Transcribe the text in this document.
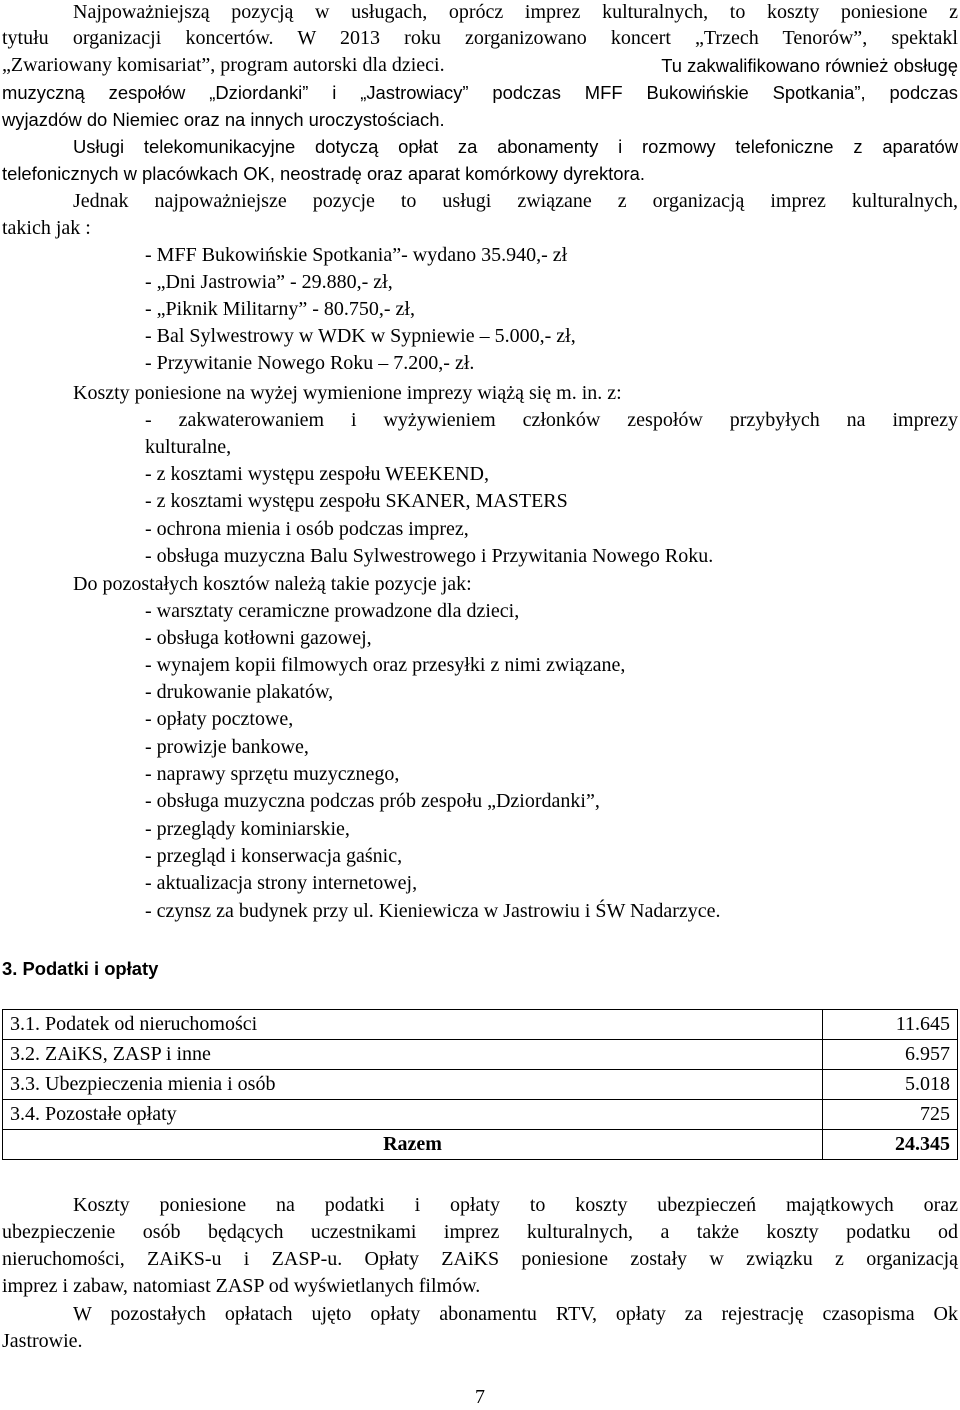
Najpoważniejszą pozycją w usługach, oprócz imprez kulturalnych, to koszty poniesione z
tytułu organizacji koncertów. W 2013 roku zorganizowano koncert „Trzech Tenorów”, spektakl
„Zwariowany komisariat”, program autorski dla dzieci.	Tu zakwalifikowano również obsługę
muzyczną zespołów „Dziordanki” i „Jastrowiacy” podczas MFF Bukowińskie Spotkania”, podczas
wyjazdów do Niemiec oraz na innych uroczystościach.
Usługi telekomunikacyjne dotyczą opłat za abonamenty i rozmowy telefoniczne z aparatów
telefonicznych w placówkach OK, neostradę oraz aparat komórkowy dyrektora.
Jednak najpoważniejsze pozycje to usługi związane z organizacją imprez kulturalnych,
takich jak :
- MFF Bukowińskie Spotkania”- wydano 35.940,- zł
- „Dni Jastrowia” - 29.880,- zł,
- „Piknik Militarny” - 80.750,- zł,
- Bal Sylwestrowy w WDK w Sypniewie – 5.000,- zł,
- Przywitanie Nowego Roku – 7.200,- zł.
Koszty poniesione na wyżej wymienione imprezy wiążą się m. in. z:
- zakwaterowaniem i wyżywieniem członków zespołów przybyłych na imprezy
kulturalne,
- z kosztami występu zespołu WEEKEND,
- z kosztami występu zespołu SKANER, MASTERS
- ochrona mienia i osób podczas imprez,
- obsługa muzyczna Balu Sylwestrowego i Przywitania Nowego Roku.
Do pozostałych kosztów należą takie pozycje jak:
- warsztaty ceramiczne prowadzone dla dzieci,
- obsługa kotłowni gazowej,
- wynajem kopii filmowych oraz przesyłki z nimi związane,
- drukowanie plakatów,
- opłaty pocztowe,
- prowizje bankowe,
- naprawy sprzętu muzycznego,
- obsługa muzyczna podczas prób zespołu „Dziordanki”,
- przeglądy kominiarskie,
- przegląd i konserwacja gaśnic,
- aktualizacja strony internetowej,
- czynsz za budynek przy ul. Kieniewicza w Jastrowiu i ŚW Nadarzyce.
3. Podatki i opłaty
3.1. Podatek od nieruchomości	11.645
3.2. ZAiKS, ZASP i inne	6.957
3.3. Ubezpieczenia mienia i osób	5.018
3.4. Pozostałe opłaty	725
Razem	24.345
Koszty poniesione na podatki i opłaty to koszty ubezpieczeń majątkowych oraz
ubezpieczenie osób będących uczestnikami imprez kulturalnych, a także koszty podatku od
nieruchomości, ZAiKS-u i ZASP-u. Opłaty ZAiKS poniesione zostały w związku z organizacją
imprez i zabaw, natomiast ZASP od wyświetlanych filmów.
W pozostałych opłatach ujęto opłaty abonamentu RTV, opłaty za rejestrację czasopisma Ok
Jastrowie.
7
